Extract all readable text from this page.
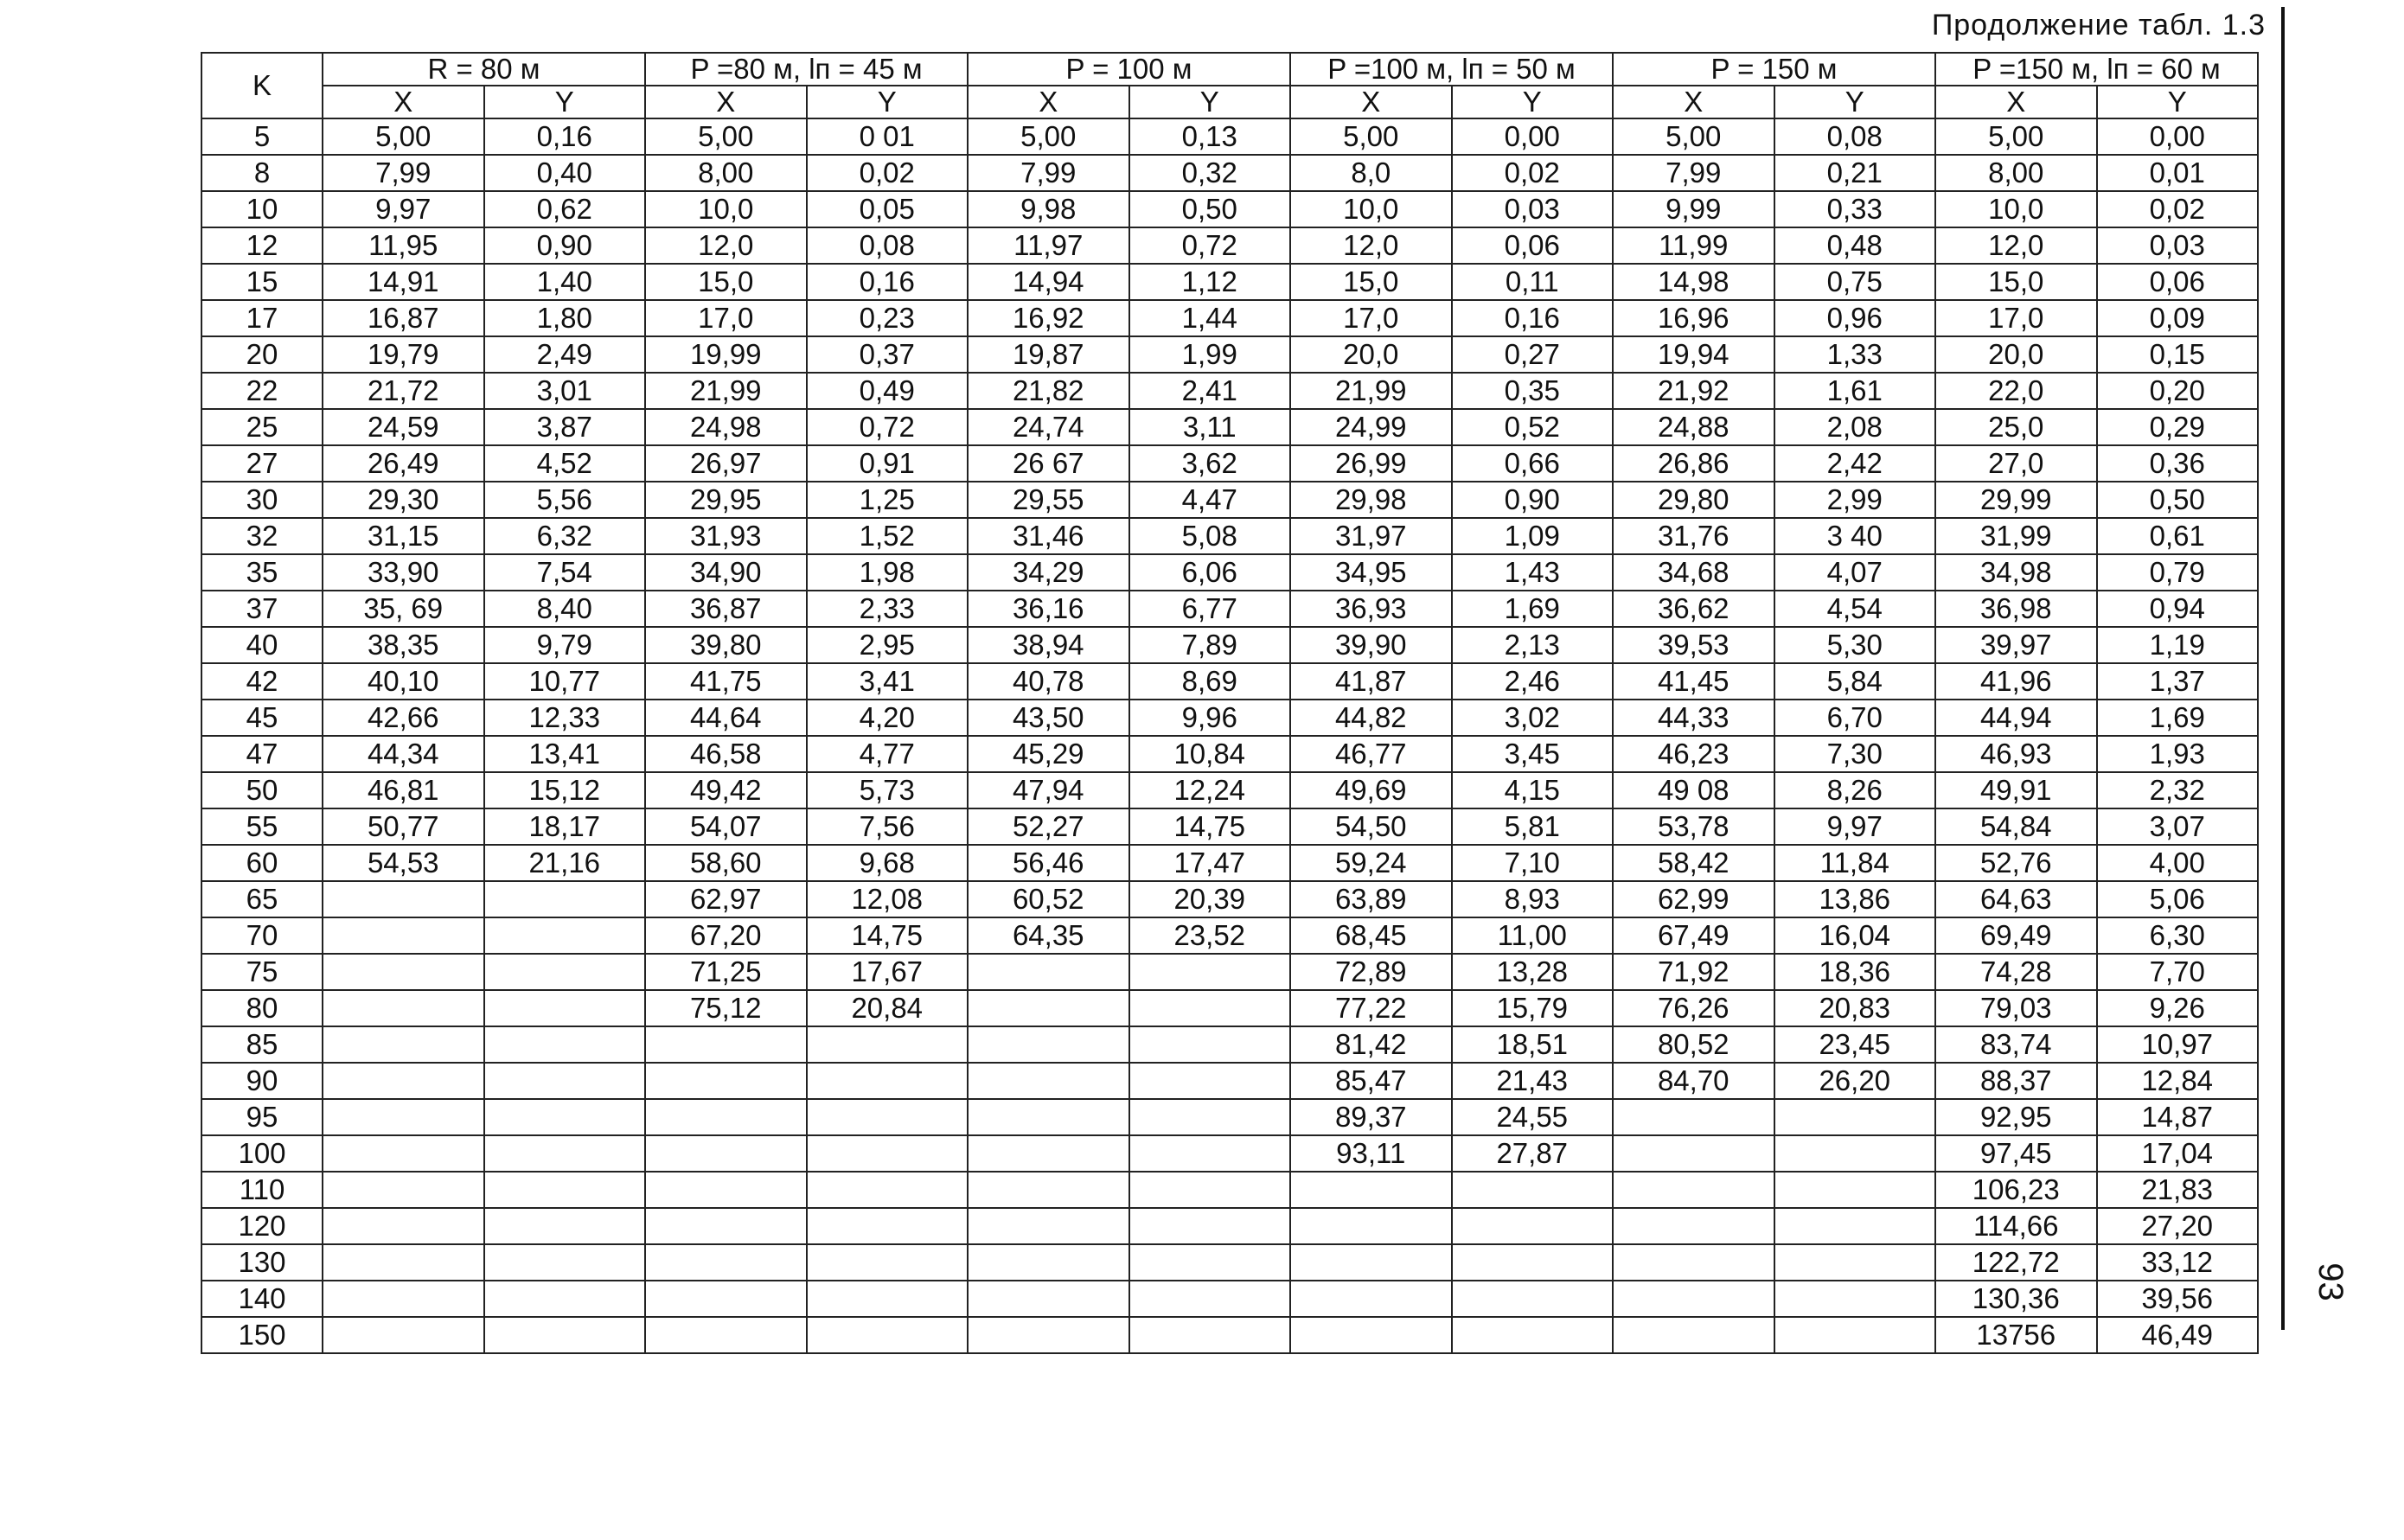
Продолжение табл. 1.3
93
K	R = 80 м		P =80 м, lп = 45 м		P = 100 м		P =100 м, lп = 50 м		P = 150 м		P =150 м, lп = 60 м	
	X	Y	X	Y	X	Y	X	Y	X	Y	X	Y
5	5,00	0,16	5,00	0 01	5,00	0,13	5,00	0,00	5,00	0,08	5,00	0,00
8	7,99	0,40	8,00	0,02	7,99	0,32	8,0	0,02	7,99	0,21	8,00	0,01
10	9,97	0,62	10,0	0,05	9,98	0,50	10,0	0,03	9,99	0,33	10,0	0,02
12	11,95	0,90	12,0	0,08	11,97	0,72	12,0	0,06	11,99	0,48	12,0	0,03
15	14,91	1,40	15,0	0,16	14,94	1,12	15,0	0,11	14,98	0,75	15,0	0,06
17	16,87	1,80	17,0	0,23	16,92	1,44	17,0	0,16	16,96	0,96	17,0	0,09
20	19,79	2,49	19,99	0,37	19,87	1,99	20,0	0,27	19,94	1,33	20,0	0,15
22	21,72	3,01	21,99	0,49	21,82	2,41	21,99	0,35	21,92	1,61	22,0	0,20
25	24,59	3,87	24,98	0,72	24,74	3,11	24,99	0,52	24,88	2,08	25,0	0,29
27	26,49	4,52	26,97	0,91	26 67	3,62	26,99	0,66	26,86	2,42	27,0	0,36
30	29,30	5,56	29,95	1,25	29,55	4,47	29,98	0,90	29,80	2,99	29,99	0,50
32	31,15	6,32	31,93	1,52	31,46	5,08	31,97	1,09	31,76	3 40	31,99	0,61
35	33,90	7,54	34,90	1,98	34,29	6,06	34,95	1,43	34,68	4,07	34,98	0,79
37	35, 69	8,40	36,87	2,33	36,16	6,77	36,93	1,69	36,62	4,54	36,98	0,94
40	38,35	9,79	39,80	2,95	38,94	7,89	39,90	2,13	39,53	5,30	39,97	1,19
42	40,10	10,77	41,75	3,41	40,78	8,69	41,87	2,46	41,45	5,84	41,96	1,37
45	42,66	12,33	44,64	4,20	43,50	9,96	44,82	3,02	44,33	6,70	44,94	1,69
47	44,34	13,41	46,58	4,77	45,29	10,84	46,77	3,45	46,23	7,30	46,93	1,93
50	46,81	15,12	49,42	5,73	47,94	12,24	49,69	4,15	49 08	8,26	49,91	2,32
55	50,77	18,17	54,07	7,56	52,27	14,75	54,50	5,81	53,78	9,97	54,84	3,07
60	54,53	21,16	58,60	9,68	56,46	17,47	59,24	7,10	58,42	11,84	52,76	4,00
65			62,97	12,08	60,52	20,39	63,89	8,93	62,99	13,86	64,63	5,06
70			67,20	14,75	64,35	23,52	68,45	11,00	67,49	16,04	69,49	6,30
75			71,25	17,67			72,89	13,28	71,92	18,36	74,28	7,70
80			75,12	20,84			77,22	15,79	76,26	20,83	79,03	9,26
85							81,42	18,51	80,52	23,45	83,74	10,97
90							85,47	21,43	84,70	26,20	88,37	12,84
95							89,37	24,55			92,95	14,87
100							93,11	27,87			97,45	17,04
110											106,23	21,83
120											114,66	27,20
130											122,72	33,12
140											130,36	39,56
150											13756	46,49
